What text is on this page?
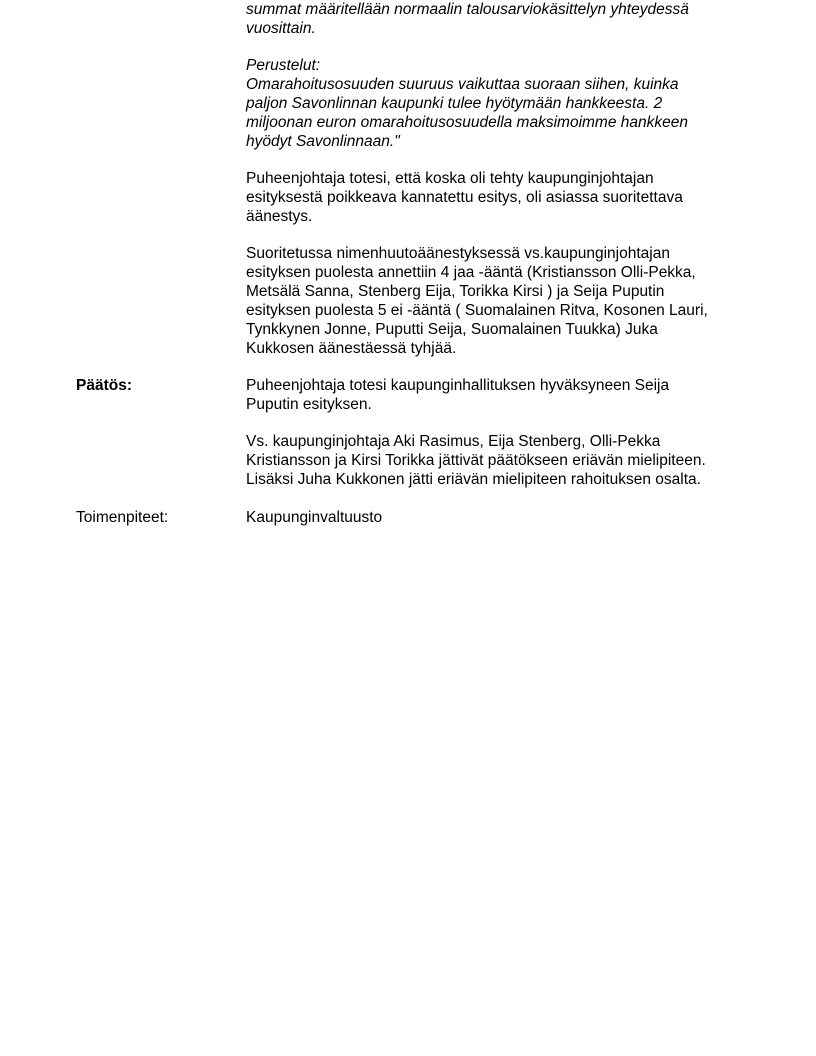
summat määritellään normaalin talousarviokäsittelyn yhteydessä
vuosittain.

Perustelut:
Omarahoitusosuuden suuruus vaikuttaa suoraan siihen, kuinka
paljon Savonlinnan kaupunki tulee hyötymään hankkeesta. 2
miljoonan euron omarahoitusosuudella maksimoimme hankkeen
hyödyt Savonlinnaan."

Puheenjohtaja totesi, että koska oli tehty kaupunginjohtajan
esityksestä poikkeava kannatettu esitys, oli asiassa suoritettava
äänestys.

Suoritetussa nimenhuutoäänestyksessä vs.kaupunginjohtajan
esityksen puolesta annettiin 4 jaa -ääntä (Kristiansson Olli-Pekka,
Metsälä Sanna, Stenberg Eija, Torikka Kirsi ) ja Seija Puputin
esityksen puolesta 5 ei -ääntä ( Suomalainen Ritva, Kosonen Lauri,
Tynkkynen Jonne, Puputti Seija, Suomalainen Tuukka) Juka
Kukkosen äänestäessä tyhjää.

Päätös:	Puheenjohtaja totesi kaupunginhallituksen hyväksyneen Seija
Puputin esityksen.

Vs. kaupunginjohtaja Aki Rasimus, Eija Stenberg, Olli-Pekka
Kristiansson ja Kirsi Torikka jättivät päätökseen eriävän mielipiteen.
Lisäksi Juha Kukkonen jätti eriävän mielipiteen rahoituksen osalta.

Toimenpiteet:	Kaupunginvaltuusto
